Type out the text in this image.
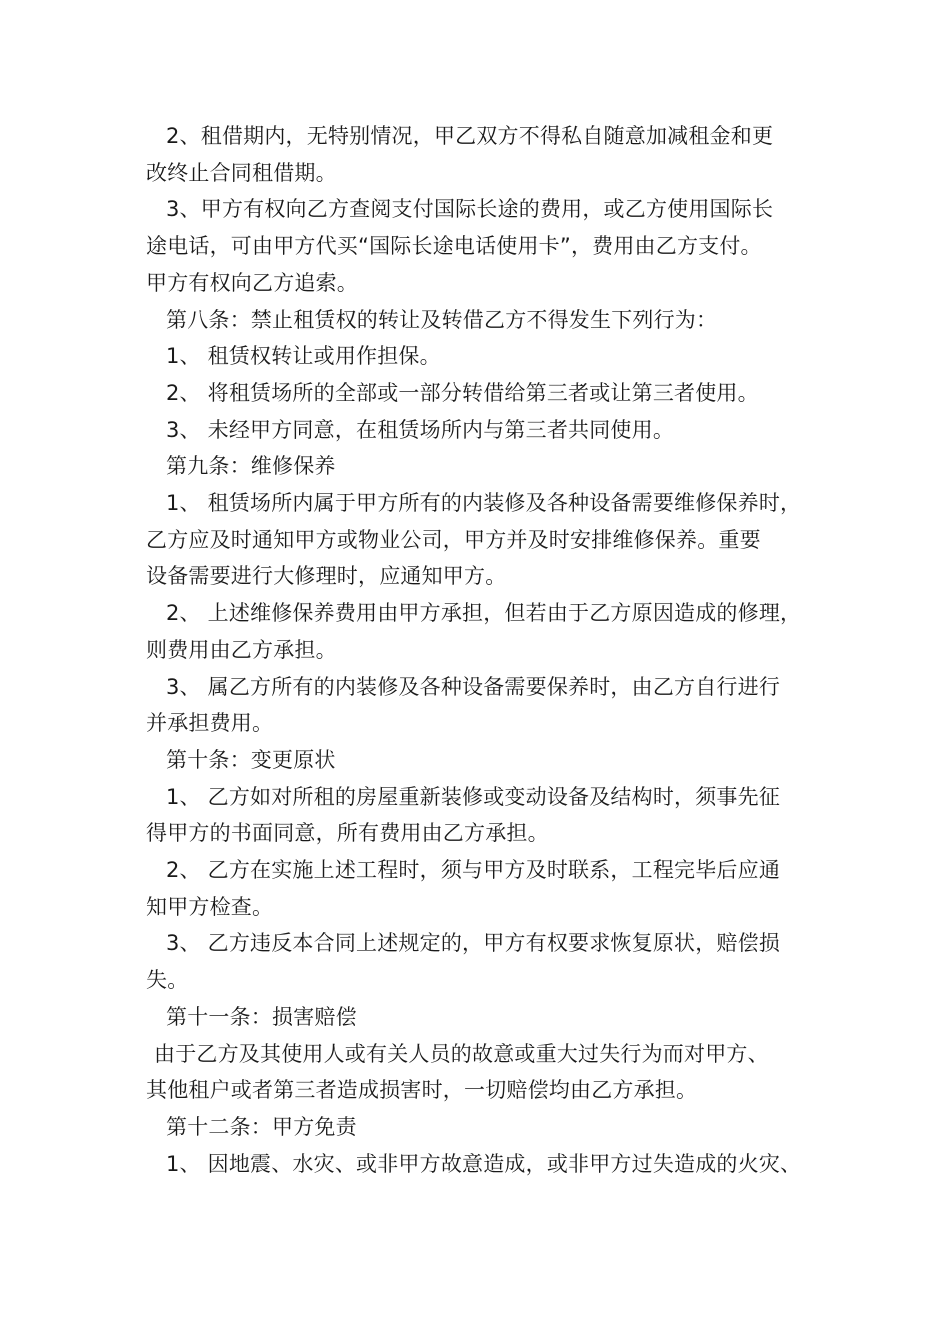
2、租借期内，无特别情况，甲乙双方不得私自随意加减租金和更
改终止合同租借期。

3、甲方有权向乙方查阅支付国际长途的费用，或乙方使用国际长
途电话，可由甲方代买“国际长途电话使用卡”，费用由乙方支付。
甲方有权向乙方追索。

第八条：禁止租赁权的转让及转借乙方不得发生下列行为：

1、 租赁权转让或用作担保。

2、 将租赁场所的全部或一部分转借给第三者或让第三者使用。

3、 未经甲方同意，在租赁场所内与第三者共同使用。

第九条：维修保养

1、 租赁场所内属于甲方所有的内装修及各种设备需要维修保养时，
乙方应及时通知甲方或物业公司，甲方并及时安排维修保养。重要
设备需要进行大修理时，应通知甲方。

2、 上述维修保养费用由甲方承担，但若由于乙方原因造成的修理，
则费用由乙方承担。

3、 属乙方所有的内装修及各种设备需要保养时，由乙方自行进行
并承担费用。

第十条：变更原状

1、 乙方如对所租的房屋重新装修或变动设备及结构时，须事先征
得甲方的书面同意，所有费用由乙方承担。

2、 乙方在实施上述工程时，须与甲方及时联系，工程完毕后应通
知甲方检查。

3、 乙方违反本合同上述规定的，甲方有权要求恢复原状，赔偿损
失。

第十一条：损害赔偿

由于乙方及其使用人或有关人员的故意或重大过失行为而对甲方、
其他租户或者第三者造成损害时，一切赔偿均由乙方承担。

第十二条：甲方免责

1、 因地震、水灾、或非甲方故意造成，或非甲方过失造成的火灾、
